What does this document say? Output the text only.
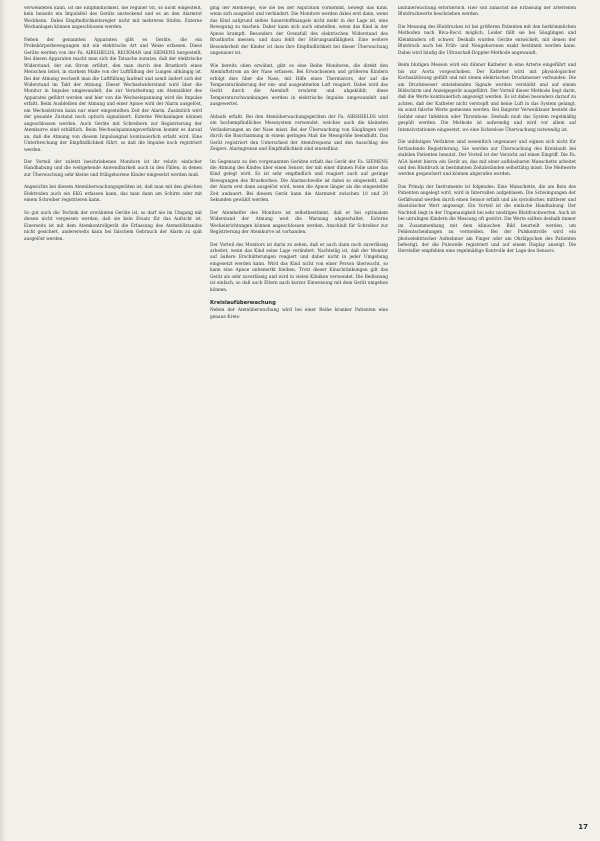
verwendeten kann, ist die Empfindlichkeit, die regulier tst, so nicht eingestellt, kein beiseits ein Impulsfeil des Geräts ansteckend und es an den Alarmrot Weckheim. Dabei Empfindlichkeitsregler nicht mit mehreren Stufen. Externe Weckanlagen können angeschlossen werden.

Neben der genannten Apparaten gibt es Geräte, die ein Probekörperbewegungen mit ein elektrische Art und Weise erfassen. Diese Geräte werden von der Fa. AIRSHIELDS, RECKMAN und SIEMENS hergestellt. Bei diesen Apparaten macht man sich die Tatsache zunutze, daß der elektrische Widerstand, der ein Strom erfährt, den man durch den Brustkorb eines Menschen leitet, in starkem Maße von der Luftfüllung der Lungen abhängig ist. Bei der Atmung wechselt man die Luftfüllung laufend und somit ändert sich der Widerstand im Takt der Atmung. Dieser Wechselwiderstand wird über die Monitor in Impulse umgewandelt, die zur Verarbeitung am Atemzähler des Apparates geführt werden und hier von die Wechselspannung wird die Impulse erfaßt. Beim Ausbleiben der Atmung und einer Apnoe wird der Alarm ausgelöst, ein Wechselstrom kann nur einer eingestellten Zeit der Alarm. Zusätzlich wird der gesamte Zustand noch optisch signalisiert. Externe Weckanlagen können angeschlossen werden. Auch Geräte mit Schreibern zur Registrierung der Atemkurve sind erhältlich. Beim Wechselspannungsverfahren kommt es darauf an, daß die Atmung von diesem Impulssignal kontinuierlich erfaßt wird. Eine Unterbrechung der Empfindlichkeit führt, so daß die Impulse noch registriert werden.

Der Vorteil der zuletzt beschriebenen Monitore ist ihr relativ einfacher Handhabung und die weitgehende Anwendbarkeit auch in den Fällen, in denen zur Überwachung sehr kleine und frühgeborene Kinder eingesetzt werden muß.

Angesichts bei diesem Atemüberwachungsgeräten ist, daß man mit den gleichen Elektroden auch ein EKG erfassen kann, das man dann am Schirm oder mit einem Schreiber registrieren kann.

So gut auch die Technik der erwähnten Geräte ist, so darf nie im Umgang mit diesen nicht vergessen werden, daß sie kein Ersatz für das Aufsicht ist. Einerseits ist mit dem Atemkontrollgerät die Erfassung des Atemstillstandes nicht gesichert, andererseits kann bei falschem Gebrauch der Alarm zu spät ausgelöst werden.

ging der Atemwege, wie sie bei der Aspiration vorkommt, bewegt das Kind, wenn sich ausgelöst und verhindert. Die Monitore werden dabei erst dann, wenn das Kind aufgrund selbes Sauerstoffmangels nicht mehr in der Lage ist, eine Bewegung zu machen. Daher kann sich auch einstellen, wenn das Kind in der Apnoe krampft. Besonders der Grenzfall des elektrischen Widerstand des Brustkorbs messen, und dazu fehlt der Störungsanfälligkeit. Eine weitere Besonderheit der Kinder ist dass ihre Empfindlichkeit bei dieser Überwachung ungenauer ist.

Wie bereits oben erwähnt, gibt es eine Reihe Monitoren, die direkt den Atemluftstrom an der Nase erfassen. Bei Erwachsenen und größeren Kindern erfolgt dies über die Nase, mit Hilfe eines Thermistors, der auf die Temperaturänderung der ein- und ausgeatmeten Luft reagiert. Dabei wird das Gerät durch die Atemluft erwärmt und abgekühlt; diese Temperaturschwankungen werden in elektrische Impulse umgewandelt und ausgewertet.

Ablaufs erfaßt. Bei den Atemüberwachungsgeräten der Fa. AIRSHIELDS wird ein hochempfindliches Messsystem verwendet, welches auch die kleinsten Veränderungen an der Nase misst. Bei der Überwachung von Säuglingen wird durch die Bauchatmung in einem geringen Maß die Messgröße beeinflußt. Das Gerät registriert den Unterschied der Atemfrequenz und den Ausschlag des Zeigers. Alarmgrenze und Empfindlichkeit sind einstellbar.

Im Gegensatz zu den vorgenannten Geräten erfaßt das Gerät der Fa. SIEMENS die Atmung des Kindes über einen Sensor, der mit einer dünnen Folie unter das Kind gelegt wird. Es ist sehr empfindlich und reagiert auch auf geringe Bewegungen des Brustkorbes. Die Alarmschwelle ist dabei so eingestellt, daß der Alarm erst dann ausgelöst wird, wenn die Apnoe länger als die eingestellte Zeit andauert. Bei diesem Gerät kann die Alarmzeit zwischen 10 und 20 Sekunden gewählt werden.

Der Atemhelfer des Monitors ist selbstbestimmt, daß er bei optimalem Widerstand der Atmung weit die Warnung abgeschaltet. Externe Weckeinrichtungen können angeschlossen werden. Anschluß für Schreiber zur Registrierung der Atemkurve ist vorhanden.

Der Vorteil des Monitors ist darin zu sehen, daß er auch dann noch zuverlässig arbeitet, wenn das Kind seine Lage verändert. Nachteilig ist, daß der Monitor auf äußere Erschütterungen reagiert und daher nicht in jeder Umgebung eingesetzt werden kann. Wird das Kind nicht von einer Person überwacht, so kann eine Apnoe unbemerkt bleiben. Trotz dieser Einschränkungen gilt das Gerät als sehr zuverlässig und wird in vielen Kliniken verwendet. Die Bedienung ist einfach, so daß auch Eltern nach kurzer Einweisung mit dem Gerät umgehen können.

Kreislaufüberwachung

Neben der Atemüberwachung wird bei einer Reihe kranker Patienten eine genaue Kreis-

laufüberwachung erforderlich. Hier soll zunächst die Erfassung der arteriellen Blutdruckwerte beschrieben werden.

Die Messung des Blutdruckes ist bei größeren Patienten mit den herkömmlichen Methoden nach Riva-Rocci möglich. Leider fällt sie bei Säuglingen und Kleinkindern oft schwer. Deshalb wurden Geräte entwickelt, mit denen der Blutdruck auch bei Früh- und Neugeborenen exakt bestimmt werden kann. Dabei wird häufig die Ultraschall-Doppler-Methode angewandt.

Beim blutigen Messen wird ein dünner Katheter in eine Arterie eingeführt und bis zur Aorta vorgeschoben. Der Katheter wird mit physiologischer Kochsalzlösung gefüllt und mit einem elektrischen Druckmesser verbunden. Die am Druckmesser entstehenden Signale werden verstärkt und auf einem Bildschirm und Anzeigegerät ausgeführt. Der Vorteil dieser Methode liegt darin, daß die Werte kontinuierlich angezeigt werden. Es ist dabei besonders darauf zu achten, daß der Katheter nicht verstopft und keine Luft in das System gelangt, da sonst falsche Werte gemessen werden. Bei längerer Verweildauer besteht die Gefahr einer Infektion oder Thrombose. Deshalb muß das System regelmäßig gespült werden. Die Methode ist aufwendig und wird vor allem auf Intensivstationen eingesetzt, wo eine lückenlose Überwachung notwendig ist.

Die unblutigen Verfahren sind wesentlich ungenauer und eignen sich nicht für fortlaufende Registrierung. Sie werden zur Überwachung des Kreislaufs bei stabilen Patienten benutzt. Der Vorteil ist der Verzicht auf einen Eingriff. Die Fa. AGA bietet hierzu ein Gerät an, das mit einer aufblasbaren Manschette arbeitet und den Blutdruck in bestimmten Zeitabständen selbsttätig misst. Die Meßwerte werden gespeichert und können abgerufen werden.

Das Prinzip der Instrumente ist folgendes: Eine Manschette, die am Bein des Patienten angelegt wird, wird in Intervallen aufgeblasen. Die Schwingungen der Gefäßwand werden durch einen Sensor erfaßt und als systolischer, mittlerer und diastolischer Wert angezeigt. Ein Vorteil ist die einfache Handhabung. Der Nachteil liegt in der Ungenauigkeit bei sehr niedrigen Blutdruckwerten. Auch ist bei unruhigen Kindern die Messung oft gestört. Die Werte sollten deshalb immer im Zusammenhang mit dem klinischen Bild beurteilt werden, um Fehlentscheidungen zu vermeiden. Bei der Pulskontrolle wird ein photoelektrischer Aufnehmer am Finger oder am Ohrläppchen des Patienten befestigt, der die Pulswelle registriert und auf einem Display anzeigt. Die Hersteller empfehlen eine regelmäßige Kontrolle der Lage des Sensors.

17
